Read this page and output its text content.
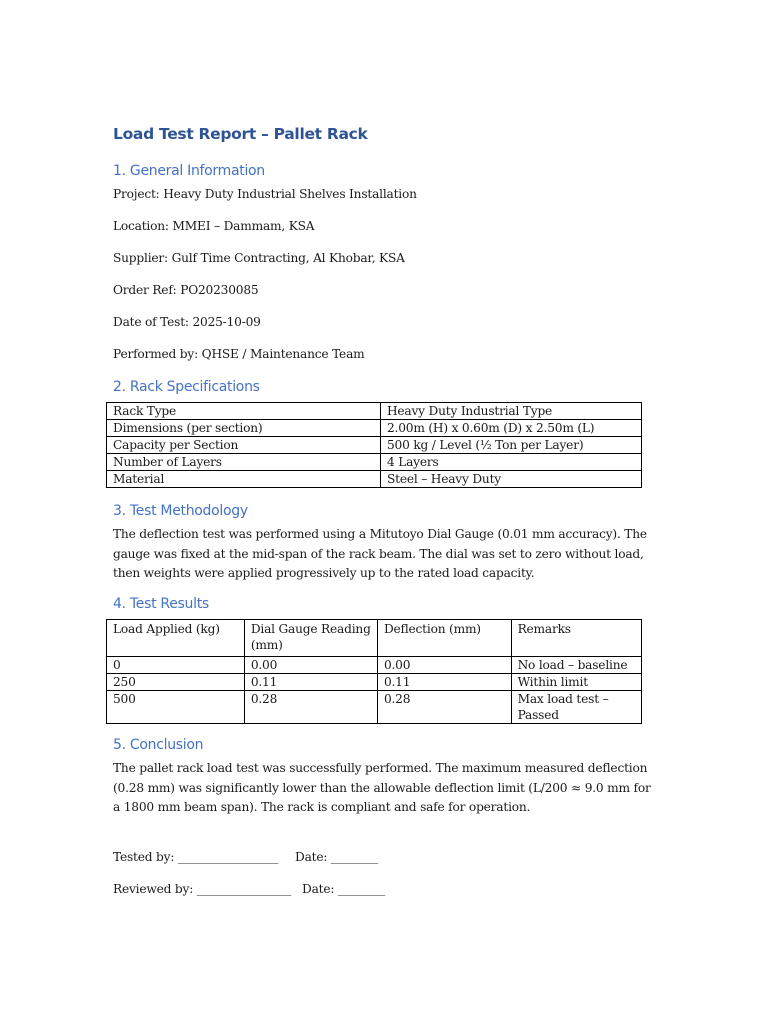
Load Test Report – Pallet Rack
1. General Information
Project: Heavy Duty Industrial Shelves Installation
Location: MMEI – Dammam, KSA
Supplier: Gulf Time Contracting, Al Khobar, KSA
Order Ref: PO20230085
Date of Test: 2025-10-09
Performed by: QHSE / Maintenance Team
2. Rack Specifications
Rack Type	Heavy Duty Industrial Type
Dimensions (per section)	2.00m (H) x 0.60m (D) x 2.50m (L)
Capacity per Section	500 kg / Level (½ Ton per Layer)
Number of Layers	4 Layers
Material	Steel – Heavy Duty
3. Test Methodology
The deflection test was performed using a Mitutoyo Dial Gauge (0.01 mm accuracy). The gauge was fixed at the mid-span of the rack beam. The dial was set to zero without load, then weights were applied progressively up to the rated load capacity.
4. Test Results
Load Applied (kg)	Dial Gauge Reading (mm)	Deflection (mm)	Remarks
0	0.00	0.00	No load – baseline
250	0.11	0.11	Within limit
500	0.28	0.28	Max load test – Passed
5. Conclusion
The pallet rack load test was successfully performed. The maximum measured deflection (0.28 mm) was significantly lower than the allowable deflection limit (L/200 ≈ 9.0 mm for a 1800 mm beam span). The rack is compliant and safe for operation.
Tested by: _________________ Date: ________
Reviewed by: ________________ Date: ________
